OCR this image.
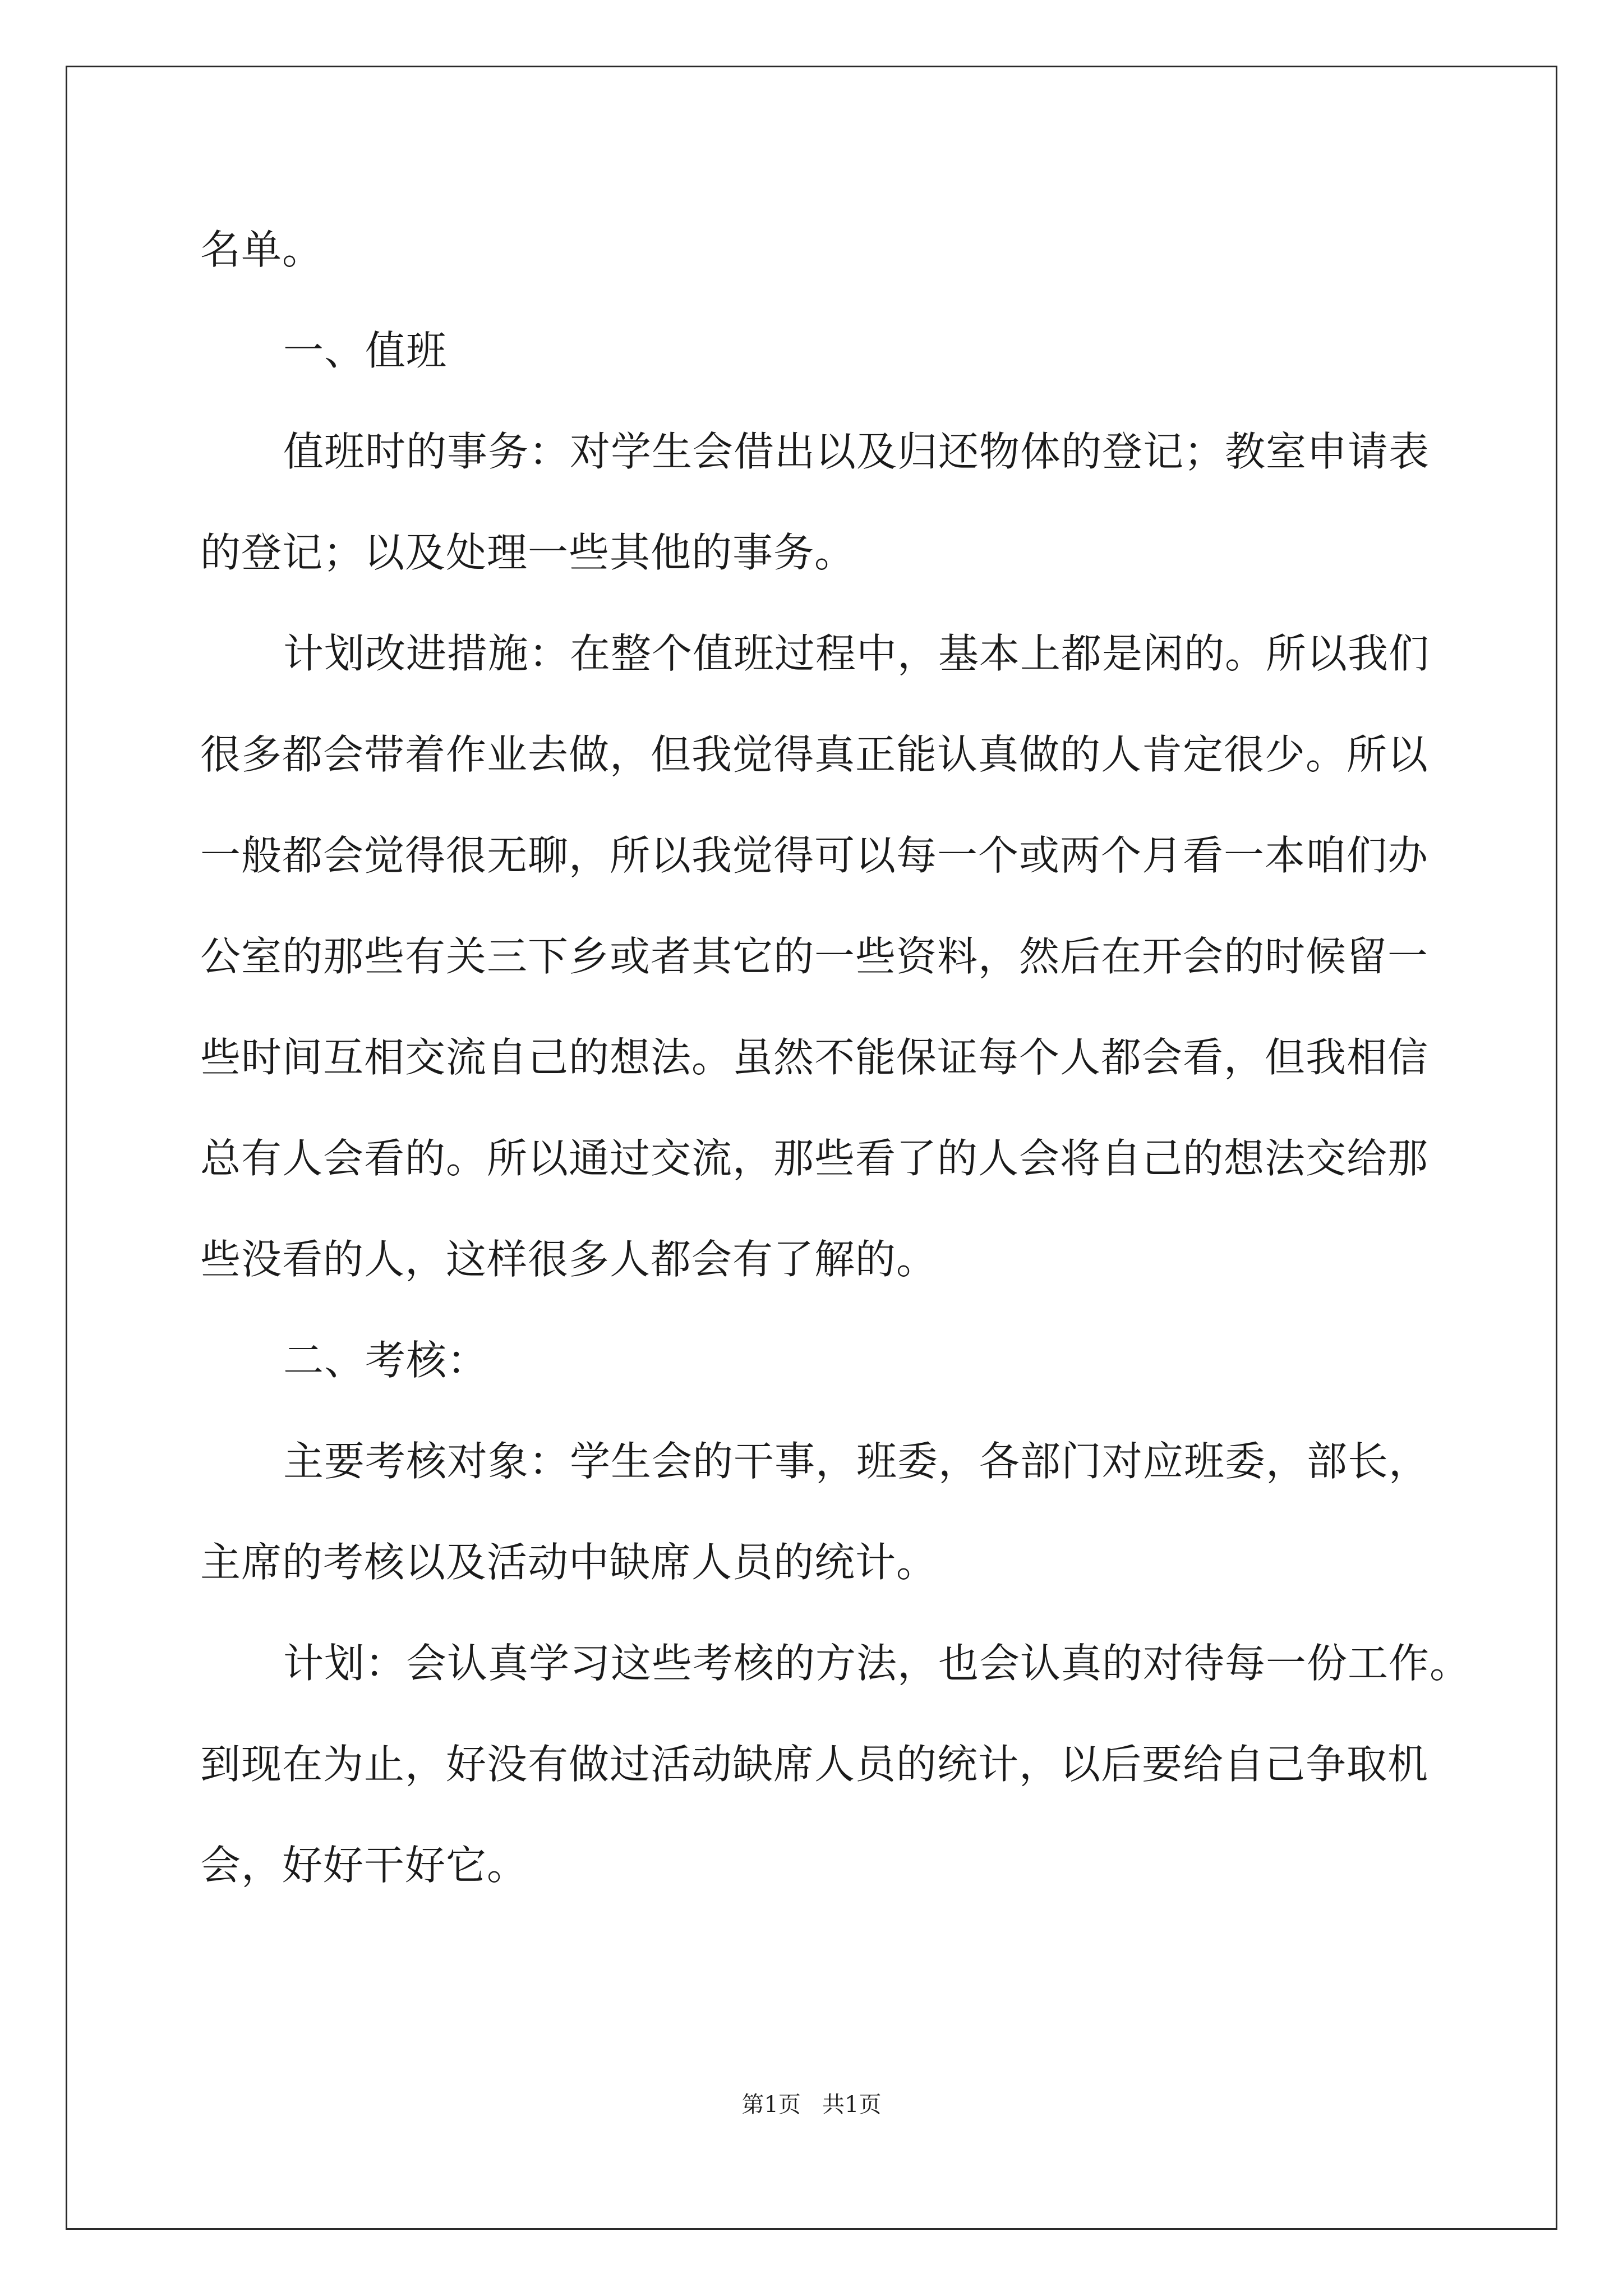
名单。
一、值班
值班时的事务：对学生会借出以及归还物体的登记；教室申请表
的登记；以及处理一些其他的事务。
计划改进措施：在整个值班过程中，基本上都是闲的。所以我们
很多都会带着作业去做，但我觉得真正能认真做的人肯定很少。所以
一般都会觉得很无聊，所以我觉得可以每一个或两个月看一本咱们办
公室的那些有关三下乡或者其它的一些资料，然后在开会的时候留一
些时间互相交流自己的想法。虽然不能保证每个人都会看，但我相信
总有人会看的。所以通过交流，那些看了的人会将自己的想法交给那
些没看的人，这样很多人都会有了解的。
二、考核：
主要考核对象：学生会的干事，班委，各部门对应班委，部长，
主席的考核以及活动中缺席人员的统计。
计划：会认真学习这些考核的方法，也会认真的对待每一份工作。
到现在为止，好没有做过活动缺席人员的统计，以后要给自己争取机
会，好好干好它。
第1页   共1页
